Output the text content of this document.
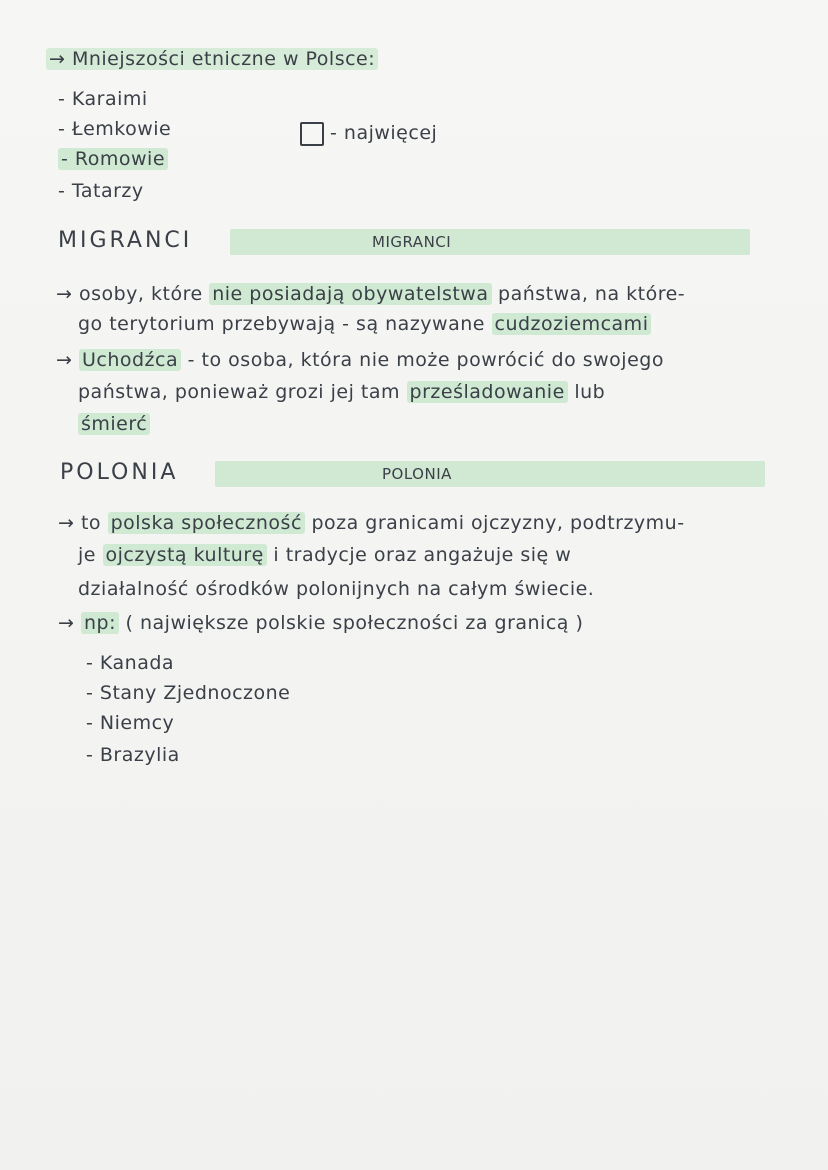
→ Mniejszości etniczne w Polsce:
- Karaimi
- Łemkowie
- Romowie
- Tatarzy
- najwięcej
MIGRANCI	MIGRANCI
→ osoby, które nie posiadają obywatelstwa państwa, na które-
go terytorium przebywają - są nazywane cudzoziemcami
→ Uchodźca - to osoba, która nie może powrócić do swojego
państwa, ponieważ grozi jej tam prześladowanie lub
śmierć
POLONIA	POLONIA
→ to polska społeczność poza granicami ojczyzny, podtrzymu-
je ojczystą kulturę i tradycje oraz angażuje się w
działalność ośrodków polonijnych na całym świecie.
→ np: ( największe polskie społeczności za granicą )
- Kanada
- Stany Zjednoczone
- Niemcy
- Brazylia
